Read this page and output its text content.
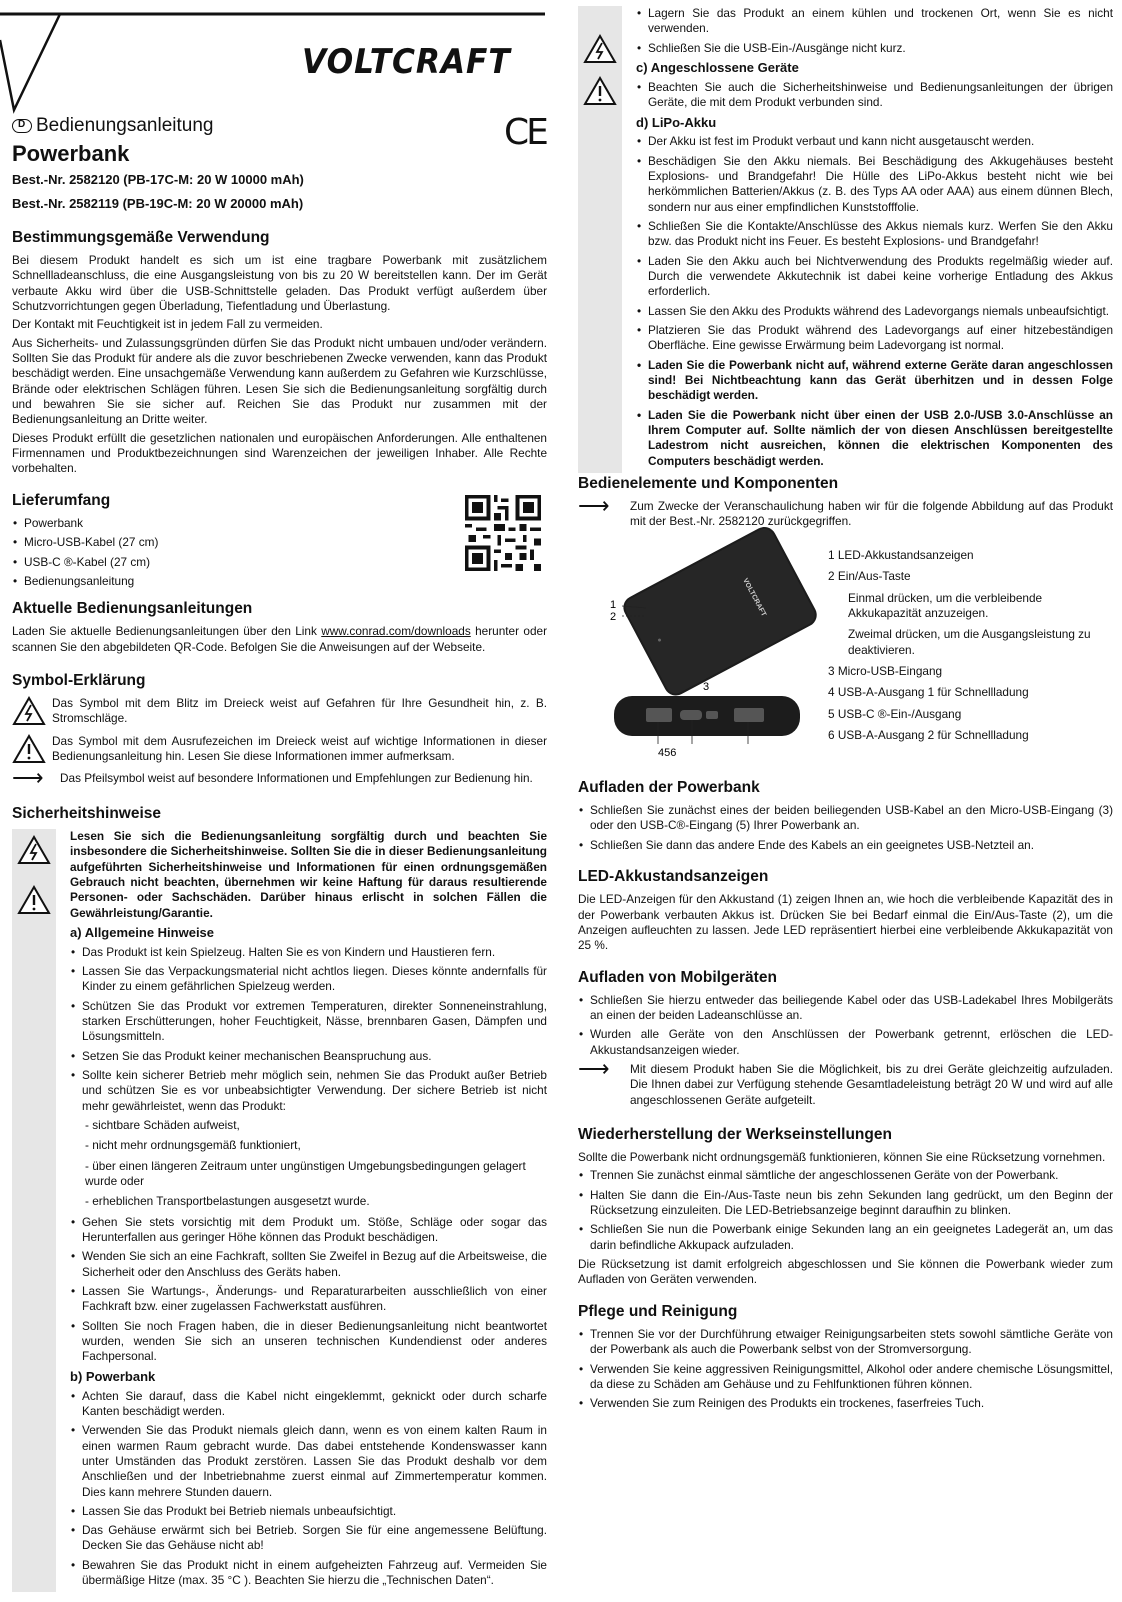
VOLTCRAFT
D
Bedienungsanleitung	CE
Powerbank
Best.-Nr. 2582120 (PB-17C-M: 20 W 10000 mAh)
Best.-Nr. 2582119 (PB-19C-M: 20 W 20000 mAh)
Bestimmungsgemäße Verwendung

Bei diesem Produkt handelt es sich um ist eine tragbare Powerbank mit zusätzlichem Schnellladeanschluss, die eine Ausgangsleistung von bis zu 20 W bereitstellen kann. Der im Gerät verbaute Akku wird über die USB-Schnittstelle geladen. Das Produkt verfügt außerdem über Schutzvorrichtungen gegen Überladung, Tiefentladung und Überlastung.

Der Kontakt mit Feuchtigkeit ist in jedem Fall zu vermeiden.

Aus Sicherheits- und Zulassungsgründen dürfen Sie das Produkt nicht umbauen und/oder verändern. Sollten Sie das Produkt für andere als die zuvor beschriebenen Zwecke verwenden, kann das Produkt beschädigt werden. Eine unsachgemäße Verwendung kann außerdem zu Gefahren wie Kurzschlüsse, Brände oder elektrischen Schlägen führen. Lesen Sie sich die Bedienungsanleitung sorgfältig durch und bewahren Sie sie sicher auf. Reichen Sie das Produkt nur zusammen mit der Bedienungsanleitung an Dritte weiter.

Dieses Produkt erfüllt die gesetzlichen nationalen und europäischen Anforderungen. Alle enthaltenen Firmennamen und Produktbezeichnungen sind Warenzeichen der jeweiligen Inhaber. Alle Rechte vorbehalten.

Lieferumfang
• Powerbank
• Micro-USB-Kabel (27 cm)
• USB-C ®-Kabel (27 cm)
• Bedienungsanleitung
Aktuelle Bedienungsanleitungen

Laden Sie aktuelle Bedienungsanleitungen über den Link www.conrad.com/downloads herunter oder scannen Sie den abgebildeten QR-Code. Befolgen Sie die Anweisungen auf der Webseite.

Symbol-Erklärung

Das Symbol mit dem Blitz im Dreieck weist auf Gefahren für Ihre Gesundheit hin, z. B. Stromschläge.

Das Symbol mit dem Ausrufezeichen im Dreieck weist auf wichtige Informationen in dieser Bedienungsanleitung hin. Lesen Sie diese Informationen immer aufmerksam.

⟶	Das Pfeilsymbol weist auf besondere Informationen und Empfehlungen zur Bedienung hin.

Sicherheitshinweise

Lesen Sie sich die Bedienungsanleitung sorgfältig durch und beachten Sie insbesondere die Sicherheitshinweise. Sollten Sie die in dieser Bedienungsanleitung aufgeführten Sicherheitshinweise und Informationen für einen ordnungsgemäßen Gebrauch nicht beachten, übernehmen wir keine Haftung für daraus resultierende Personen- oder Sachschäden. Darüber hinaus erlischt in solchen Fällen die Gewährleistung/Garantie.

a) Allgemeine Hinweise
• Das Produkt ist kein Spielzeug. Halten Sie es von Kindern und Haustieren fern.
• Lassen Sie das Verpackungsmaterial nicht achtlos liegen. Dieses könnte andernfalls für Kinder zu einem gefährlichen Spielzeug werden.
• Schützen Sie das Produkt vor extremen Temperaturen, direkter Sonneneinstrahlung, starken Erschütterungen, hoher Feuchtigkeit, Nässe, brennbaren Gasen, Dämpfen und Lösungsmitteln.
• Setzen Sie das Produkt keiner mechanischen Beanspruchung aus.
• Sollte kein sicherer Betrieb mehr möglich sein, nehmen Sie das Produkt außer Betrieb und schützen Sie es vor unbeabsichtigter Verwendung. Der sichere Betrieb ist nicht mehr gewährleistet, wenn das Produkt:
- sichtbare Schäden aufweist,
- nicht mehr ordnungsgemäß funktioniert,
- über einen längeren Zeitraum unter ungünstigen Umgebungsbedingungen gelagert wurde oder
- erheblichen Transportbelastungen ausgesetzt wurde.
• Gehen Sie stets vorsichtig mit dem Produkt um. Stöße, Schläge oder sogar das Herunterfallen aus geringer Höhe können das Produkt beschädigen.
• Wenden Sie sich an eine Fachkraft, sollten Sie Zweifel in Bezug auf die Arbeitsweise, die Sicherheit oder den Anschluss des Geräts haben.
• Lassen Sie Wartungs-, Änderungs- und Reparaturarbeiten ausschließlich von einer Fachkraft bzw. einer zugelassen Fachwerkstatt ausführen.
• Sollten Sie noch Fragen haben, die in dieser Bedienungsanleitung nicht beantwortet wurden, wenden Sie sich an unseren technischen Kundendienst oder anderes Fachpersonal.
b) Powerbank
• Achten Sie darauf, dass die Kabel nicht eingeklemmt, geknickt oder durch scharfe Kanten beschädigt werden.
• Verwenden Sie das Produkt niemals gleich dann, wenn es von einem kalten Raum in einen warmen Raum gebracht wurde. Das dabei entstehende Kondenswasser kann unter Umständen das Produkt zerstören. Lassen Sie das Produkt deshalb vor dem Anschließen und der Inbetriebnahme zuerst einmal auf Zimmertemperatur kommen. Dies kann mehrere Stunden dauern.
• Lassen Sie das Produkt bei Betrieb niemals unbeaufsichtigt.
• Das Gehäuse erwärmt sich bei Betrieb. Sorgen Sie für eine angemessene Belüftung. Decken Sie das Gehäuse nicht ab!
• Bewahren Sie das Produkt nicht in einem aufgeheizten Fahrzeug auf. Vermeiden Sie übermäßige Hitze (max. 35 °C ). Beachten Sie hierzu die „Technischen Daten“.
• Lagern Sie das Produkt an einem kühlen und trockenen Ort, wenn Sie es nicht verwenden.
• Schließen Sie die USB-Ein-/Ausgänge nicht kurz.
c) Angeschlossene Geräte
• Beachten Sie auch die Sicherheitshinweise und Bedienungsanleitungen der übrigen Geräte, die mit dem Produkt verbunden sind.
d) LiPo-Akku
• Der Akku ist fest im Produkt verbaut und kann nicht ausgetauscht werden.
• Beschädigen Sie den Akku niemals. Bei Beschädigung des Akkugehäuses besteht Explosions- und Brandgefahr! Die Hülle des LiPo-Akkus besteht nicht wie bei herkömmlichen Batterien/Akkus (z. B. des Typs AA oder AAA) aus einem dünnen Blech, sondern nur aus einer empfindlichen Kunststofffolie.
• Schließen Sie die Kontakte/Anschlüsse des Akkus niemals kurz. Werfen Sie den Akku bzw. das Produkt nicht ins Feuer. Es besteht Explosions- und Brandgefahr!
• Laden Sie den Akku auch bei Nichtverwendung des Produkts regelmäßig wieder auf. Durch die verwendete Akkutechnik ist dabei keine vorherige Entladung des Akkus erforderlich.
• Lassen Sie den Akku des Produkts während des Ladevorgangs niemals unbeaufsichtigt.
• Platzieren Sie das Produkt während des Ladevorgangs auf einer hitzebeständigen Oberfläche. Eine gewisse Erwärmung beim Ladevorgang ist normal.
• Laden Sie die Powerbank nicht auf, während externe Geräte daran angeschlossen sind! Bei Nichtbeachtung kann das Gerät überhitzen und in dessen Folge beschädigt werden.
• Laden Sie die Powerbank nicht über einen der USB 2.0-/USB 3.0-Anschlüsse an Ihrem Computer auf. Sollte nämlich der von diesen Anschlüssen bereitgestellte Ladestrom nicht ausreichen, können die elektrischen Komponenten des Computers beschädigt werden.
Bedienelemente und Komponenten
⟶	Zum Zwecke der Veranschaulichung haben wir für die folgende Abbildung auf das Produkt mit der Best.-Nr. 2582120 zurückgegriffen.

VOLTCRAFT
1
2
3
456
1 LED-Akkustandsanzeigen
2 Ein/Aus-Taste
Einmal drücken, um die verbleibende Akkukapazität anzuzeigen.
Zweimal drücken, um die Ausgangsleistung zu deaktivieren.
3 Micro-USB-Eingang
4 USB-A-Ausgang 1 für Schnellladung
5 USB-C ®-Ein-/Ausgang
6 USB-A-Ausgang 2 für Schnellladung
Aufladen der Powerbank
• Schließen Sie zunächst eines der beiden beiliegenden USB-Kabel an den Micro-USB-Eingang (3) oder den USB-C®-Eingang (5) Ihrer Powerbank an.
• Schließen Sie dann das andere Ende des Kabels an ein geeignetes USB-Netzteil an.
LED-Akkustandsanzeigen

Die LED-Anzeigen für den Akkustand (1) zeigen Ihnen an, wie hoch die verbleibende Kapazität des in der Powerbank verbauten Akkus ist. Drücken Sie bei Bedarf einmal die Ein/Aus-Taste (2), um die Anzeigen aufleuchten zu lassen. Jede LED repräsentiert hierbei eine verbleibende Akkukapazität von 25 %.

Aufladen von Mobilgeräten
• Schließen Sie hierzu entweder das beiliegende Kabel oder das USB-Ladekabel Ihres Mobilgeräts an einen der beiden Ladeanschlüsse an.
• Wurden alle Geräte von den Anschlüssen der Powerbank getrennt, erlöschen die LED-Akkustandsanzeigen wieder.
⟶	Mit diesem Produkt haben Sie die Möglichkeit, bis zu drei Geräte gleichzeitig aufzuladen. Die Ihnen dabei zur Verfügung stehende Gesamtladeleistung beträgt 20 W und wird auf alle angeschlossenen Geräte aufgeteilt.

Wiederherstellung der Werkseinstellungen

Sollte die Powerbank nicht ordnungsgemäß funktionieren, können Sie eine Rücksetzung vornehmen.

• Trennen Sie zunächst einmal sämtliche der angeschlossenen Geräte von der Powerbank.
• Halten Sie dann die Ein-/Aus-Taste neun bis zehn Sekunden lang gedrückt, um den Beginn der Rücksetzung einzuleiten. Die LED-Betriebsanzeige beginnt daraufhin zu blinken.
• Schließen Sie nun die Powerbank einige Sekunden lang an ein geeignetes Ladegerät an, um das darin befindliche Akkupack aufzuladen.

Die Rücksetzung ist damit erfolgreich abgeschlossen und Sie können die Powerbank wieder zum Aufladen von Geräten verwenden.

Pflege und Reinigung
• Trennen Sie vor der Durchführung etwaiger Reinigungsarbeiten stets sowohl sämtliche Geräte von der Powerbank als auch die Powerbank selbst von der Stromversorgung.
• Verwenden Sie keine aggressiven Reinigungsmittel, Alkohol oder andere chemische Lösungsmittel, da diese zu Schäden am Gehäuse und zu Fehlfunktionen führen können.
• Verwenden Sie zum Reinigen des Produkts ein trockenes, faserfreies Tuch.
